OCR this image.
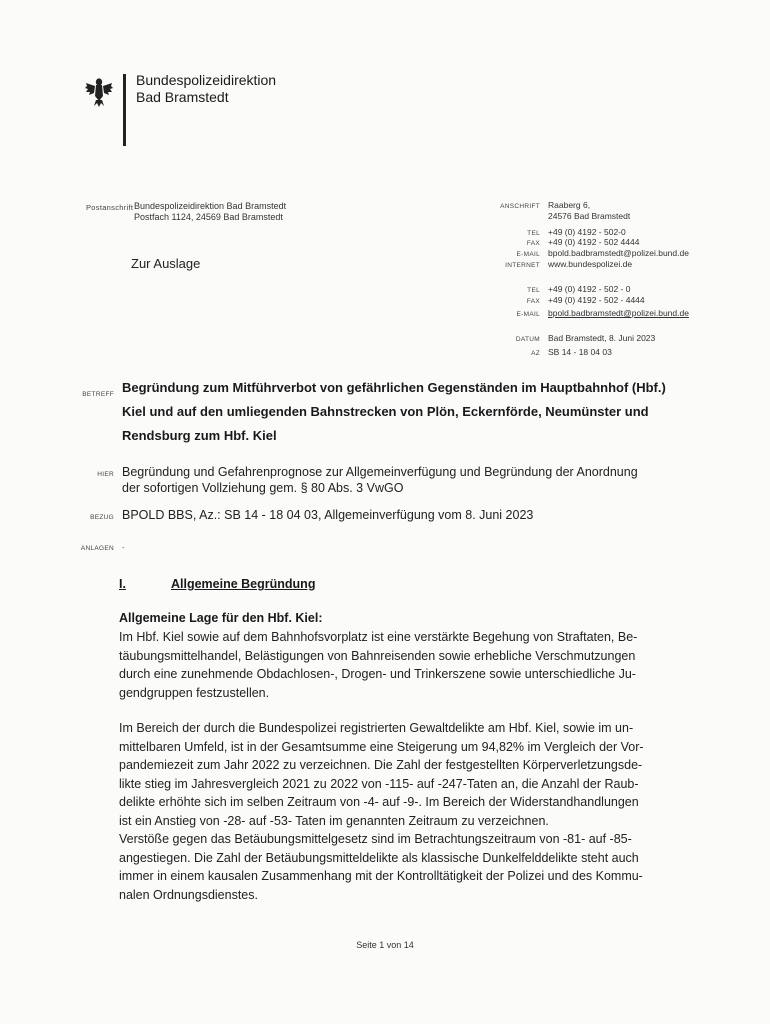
Bundespolizeidirektion
Bad Bramstedt
Postanschrift Bundespolizeidirektion Bad Bramstedt
Postfach 1124, 24569 Bad Bramstedt
ANSCHRIFT Raaberg 6,
24576 Bad Bramstedt
TEL +49 (0) 4192 - 502-0
FAX +49 (0) 4192 - 502 4444
E-MAIL bpold.badbramstedt@polizei.bund.de
INTERNET www.bundespolizei.de
TEL +49 (0) 4192 - 502 - 0
FAX +49 (0) 4192 - 502 - 4444
E-MAIL bpold.badbramstedt@polizei.bund.de
DATUM Bad Bramstedt, 8. Juni 2023
AZ SB 14 - 18 04 03
Zur Auslage
BETREFF Begründung zum Mitführverbot von gefährlichen Gegenständen im Hauptbahnhof (Hbf.)
Kiel und auf den umliegenden Bahnstrecken von Plön, Eckernförde, Neumünster und
Rendsburg zum Hbf. Kiel
HIER Begründung und Gefahrenprognose zur Allgemeinverfügung und Begründung der Anordnung
der sofortigen Vollziehung gem. § 80 Abs. 3 VwGO
BEZUG BPOLD BBS, Az.: SB 14 - 18 04 03, Allgemeinverfügung vom 8. Juni 2023
ANLAGEN -
I.	Allgemeine Begründung
Allgemeine Lage für den Hbf. Kiel:
Im Hbf. Kiel sowie auf dem Bahnhofsvorplatz ist eine verstärkte Begehung von Straftaten, Be-
täubungsmittelhandel, Belästigungen von Bahnreisenden sowie erhebliche Verschmutzungen
durch eine zunehmende Obdachlosen-, Drogen- und Trinkerszene sowie unterschiedliche Ju-
gendgruppen festzustellen.
Im Bereich der durch die Bundespolizei registrierten Gewaltdelikte am Hbf. Kiel, sowie im un-
mittelbaren Umfeld, ist in der Gesamtsumme eine Steigerung um 94,82% im Vergleich der Vor-
pandemiezeit zum Jahr 2022 zu verzeichnen. Die Zahl der festgestellten Körperverletzungsde-
likte stieg im Jahresvergleich 2021 zu 2022 von -115- auf -247-Taten an, die Anzahl der Raub-
delikte erhöhte sich im selben Zeitraum von -4- auf -9-. Im Bereich der Widerstandhandlungen
ist ein Anstieg von -28- auf -53- Taten im genannten Zeitraum zu verzeichnen.
Verstöße gegen das Betäubungsmittelgesetz sind im Betrachtungszeitraum von -81- auf -85-
angestiegen. Die Zahl der Betäubungsmitteldelikte als klassische Dunkelfelddelikte steht auch
immer in einem kausalen Zusammenhang mit der Kontrolltätigkeit der Polizei und des Kommu-
nalen Ordnungsdienstes.
Seite 1 von 14
